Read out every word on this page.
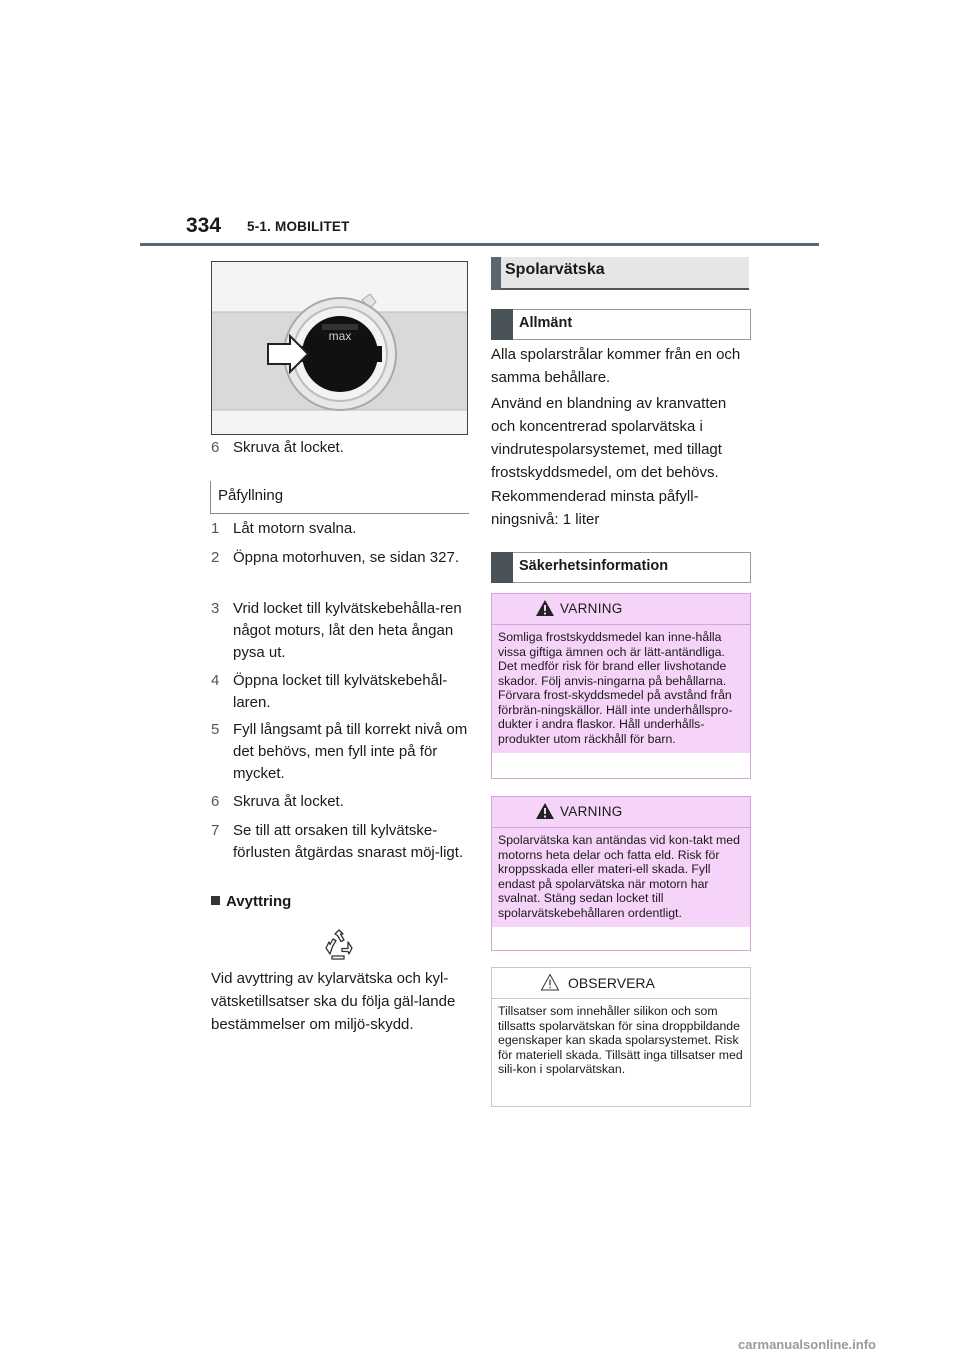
334 5-1. MOBILITET
max
6 Skruva åt locket.
Påfyllning
1 Låt motorn svalna.
2 Öppna motorhuven, se sidan 327.
3 Vrid locket till kylvätskebehålla-ren något moturs, låt den heta ångan pysa ut.
4 Öppna locket till kylvätskebehål-laren.
5 Fyll långsamt på till korrekt nivå om det behövs, men fyll inte på för mycket.
6 Skruva åt locket.
7 Se till att orsaken till kylvätske-förlusten åtgärdas snarast möj-ligt.
Avyttring
Vid avyttring av kylarvätska och kyl-vätsketillsatser ska du följa gäl-lande bestämmelser om miljö-skydd.
Spolarvätska
Allmänt
Alla spolarstrålar kommer från en och samma behållare.
Använd en blandning av kranvatten och koncentrerad spolarvätska i vindrutespolarsystemet, med tillagt frostskyddsmedel, om det behövs.
Rekommenderad minsta påfyll-ningsnivå: 1 liter
Säkerhetsinformation
VARNING
Somliga frostskyddsmedel kan inne-hålla vissa giftiga ämnen och är lätt-antändliga. Det medför risk för brand eller livshotande skador. Följ anvis-ningarna på behållarna. Förvara frost-skyddsmedel på avstånd från förbrän-ningskällor. Häll inte underhållspro-dukter i andra flaskor. Håll underhålls-produkter utom räckhåll för barn.
VARNING
Spolarvätska kan antändas vid kon-takt med motorns heta delar och fatta eld. Risk för kroppsskada eller materi-ell skada. Fyll endast på spolarvätska när motorn har svalnat. Stäng sedan locket till spolarvätskebehållaren ordentligt.
OBSERVERA
Tillsatser som innehåller silikon och som tillsatts spolarvätskan för sina droppbildande egenskaper kan skada spolarsystemet. Risk för materiell skada. Tillsätt inga tillsatser med sili-kon i spolarvätskan.
carmanualsonline.info
